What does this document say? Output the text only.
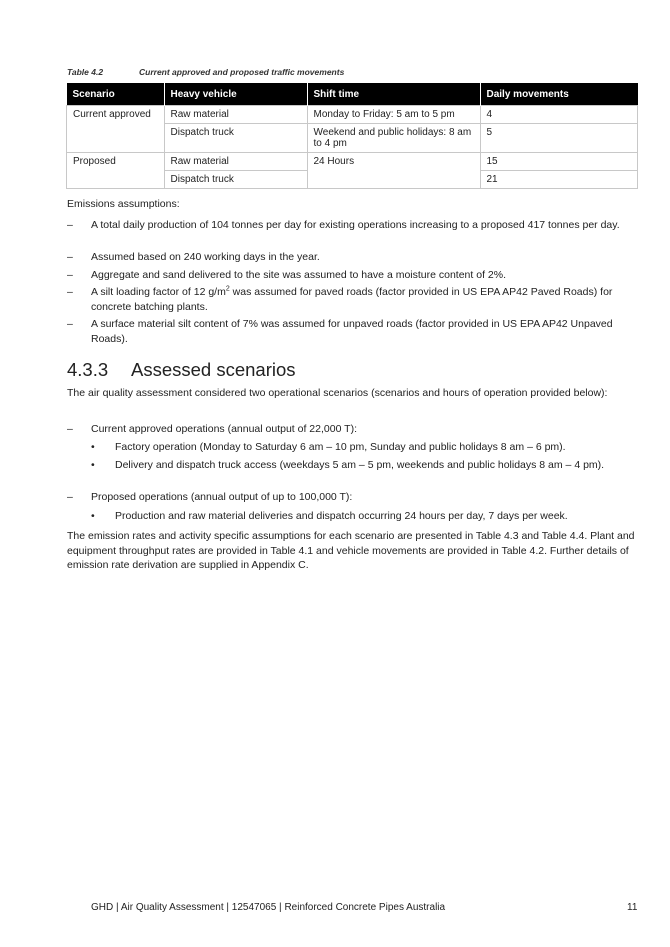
Table 4.2	Current approved and proposed traffic movements
Scenario	Heavy vehicle	Shift time	Daily movements
Current approved	Raw material	Monday to Friday: 5 am to 5 pm	4
	Dispatch truck	Weekend and public holidays: 8 am to 4 pm	5
Proposed	Raw material	24 Hours	15
	Dispatch truck		21
Emissions assumptions:
– A total daily production of 104 tonnes per day for existing operations increasing to a proposed 417 tonnes per day.
– Assumed based on 240 working days in the year.
– Aggregate and sand delivered to the site was assumed to have a moisture content of 2%.
– A silt loading factor of 12 $g/m^2$ was assumed for paved roads (factor provided in US EPA AP42 Paved Roads) for concrete batching plants.
– A surface material silt content of 7% was assumed for unpaved roads (factor provided in US EPA AP42 Unpaved Roads).
4.3.3 Assessed scenarios
The air quality assessment considered two operational scenarios (scenarios and hours of operation provided below):
– Current approved operations (annual output of 22,000 T):
• Factory operation (Monday to Saturday 6 am – 10 pm, Sunday and public holidays 8 am – 6 pm).
• Delivery and dispatch truck access (weekdays 5 am – 5 pm, weekends and public holidays 8 am – 4 pm).
– Proposed operations (annual output of up to 100,000 T):
• Production and raw material deliveries and dispatch occurring 24 hours per day, 7 days per week.
The emission rates and activity specific assumptions for each scenario are presented in Table 4.3 and Table 4.4. Plant and equipment throughput rates are provided in Table 4.1 and vehicle movements are provided in Table 4.2. Further details of emission rate derivation are supplied in Appendix C.
GHD | Air Quality Assessment | 12547065 | Reinforced Concrete Pipes Australia	11
